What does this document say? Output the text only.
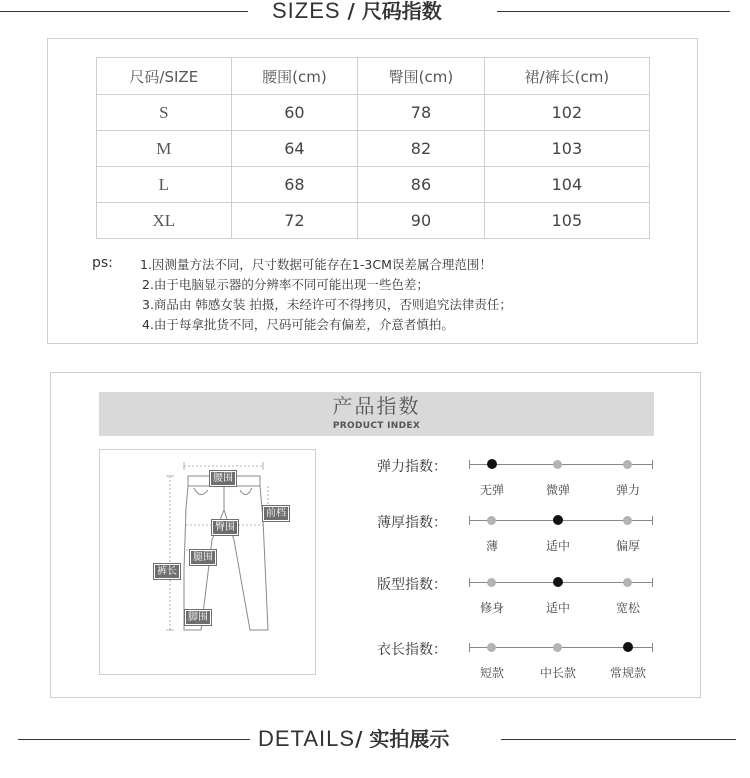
SIZES / 尺码指数
尺码/SIZE	腰围(cm)	臀围(cm)	裙/裤长(cm)
S	60	78	102
M	64	82	103
L	68	86	104
XL	72	90	105
ps: 1.因测量方法不同，尺寸数据可能存在1-3CM误差属合理范围！
2.由于电脑显示器的分辨率不同可能出现一些色差；
3.商品由 韩感女装 拍摄，未经许可不得拷贝，否则追究法律责任；
4.由于每拿批货不同，尺码可能会有偏差，介意者慎拍。
产品指数
PRODUCT INDEX
腰围
前档
臀围
腿围
裤长
脚围
弹力指数：
无弹	微弹	弹力
薄厚指数：
薄	适中	偏厚
版型指数：
修身	适中	宽松
衣长指数：
短款	中长款	常规款
DETAILS/ 实拍展示
